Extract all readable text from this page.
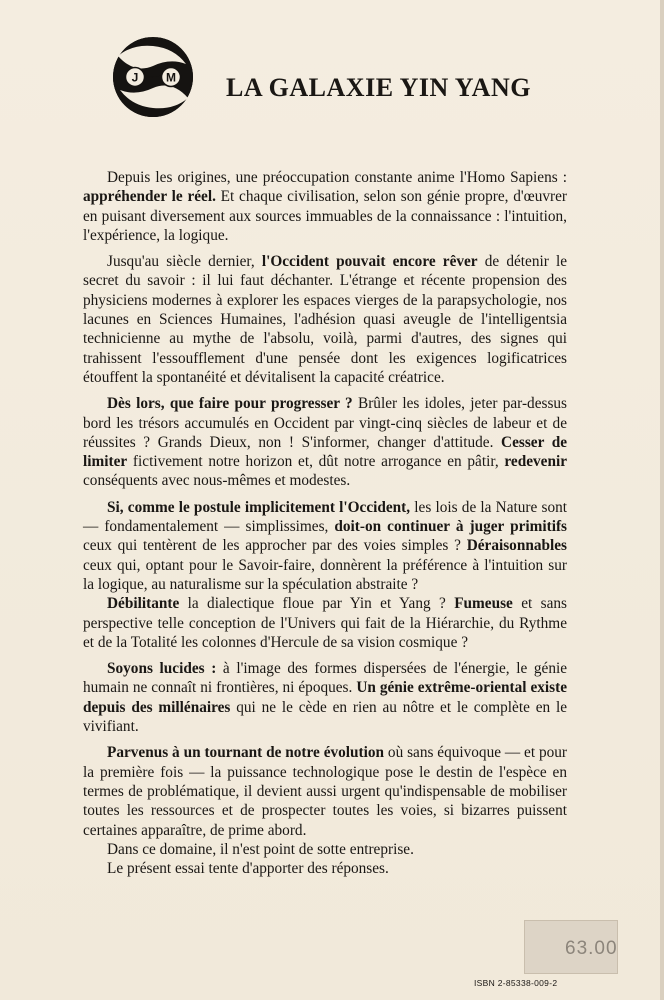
J M LA GALAXIE YIN YANG

Depuis les origines, une préoccupation constante anime l'Homo Sapiens : appréhender le réel. Et chaque civilisation, selon son génie propre, d'œuvrer en puisant diversement aux sources immuables de la connaissance : l'intuition, l'expérience, la logique.

Jusqu'au siècle dernier, l'Occident pouvait encore rêver de détenir le secret du savoir : il lui faut déchanter. L'étrange et récente propension des physiciens modernes à explorer les espaces vierges de la parapsychologie, nos lacunes en Sciences Humaines, l'adhésion quasi aveugle de l'intelligentsia technicienne au mythe de l'absolu, voilà, parmi d'autres, des signes qui trahissent l'essoufflement d'une pensée dont les exigences logificatrices étouffent la spontanéité et dévitalisent la capacité créatrice.

Dès lors, que faire pour progresser ? Brûler les idoles, jeter par-dessus bord les trésors accumulés en Occident par vingt-cinq siècles de labeur et de réussites ? Grands Dieux, non ! S'informer, changer d'attitude. Cesser de limiter fictivement notre horizon et, dût notre arrogance en pâtir, redevenir conséquents avec nous-mêmes et modestes.

Si, comme le postule implicitement l'Occident, les lois de la Nature sont — fondamentalement — simplissimes, doit-on continuer à juger primitifs ceux qui tentèrent de les approcher par des voies simples ? Déraisonnables ceux qui, optant pour le Savoir-faire, donnèrent la préférence à l'intuition sur la logique, au naturalisme sur la spéculation abstraite ?

Débilitante la dialectique floue par Yin et Yang ? Fumeuse et sans perspective telle conception de l'Univers qui fait de la Hiérarchie, du Rythme et de la Totalité les colonnes d'Hercule de sa vision cosmique ?

Soyons lucides : à l'image des formes dispersées de l'énergie, le génie humain ne connaît ni frontières, ni époques. Un génie extrême-oriental existe depuis des millénaires qui ne le cède en rien au nôtre et le complète en le vivifiant.

Parvenus à un tournant de notre évolution où sans équivoque — et pour la première fois — la puissance technologique pose le destin de l'espèce en termes de problématique, il devient aussi urgent qu'indispensable de mobiliser toutes les ressources et de prospecter toutes les voies, si bizarres puissent certaines apparaître, de prime abord.

Dans ce domaine, il n'est point de sotte entreprise.

Le présent essai tente d'apporter des réponses.

63.00
ISBN 2-85338-009-2
